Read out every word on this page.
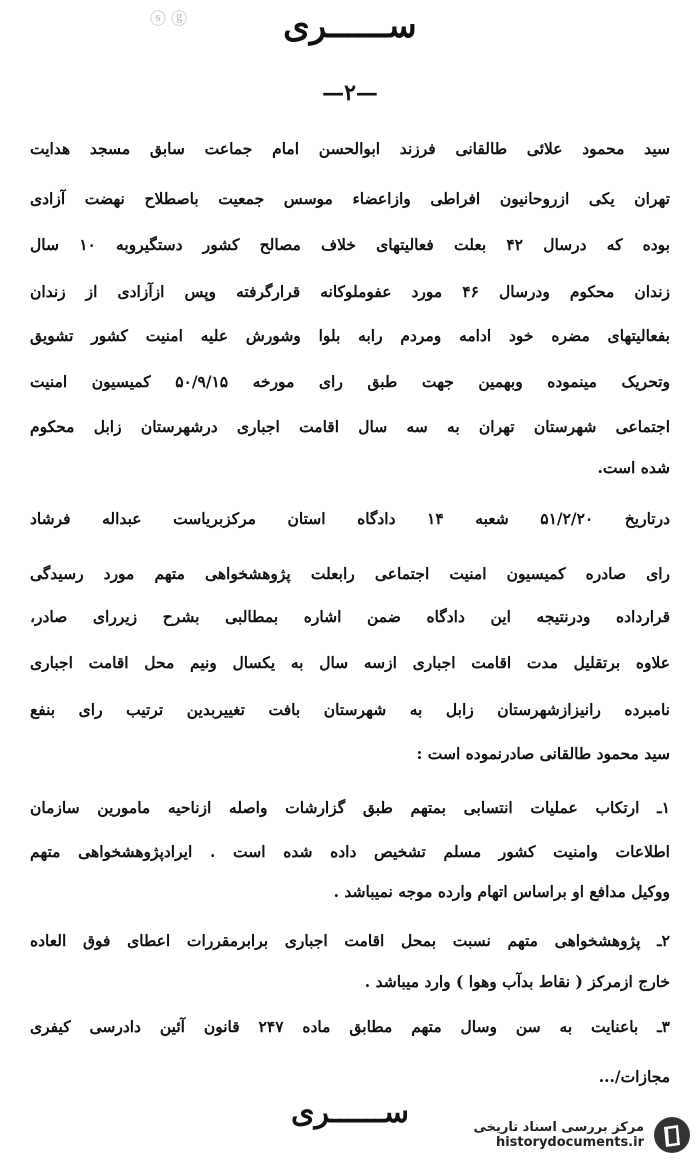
ⓢ ⓖ	ســــــری
—۲—
سید محمود علائی طالقانی فرزند ابوالحسن امام جماعت سابق مسجد هدایت
تهران یکی ازروحانیون افراطی وازاعضاء موسس جمعیت باصطلاح نهضت آزادی
بوده که درسال ۴۲ بعلت فعالیتهای خلاف مصالح کشور دستگیروبه ۱۰ سال
زندان محکوم ودرسال ۴۶ مورد عفوملوکانه قرارگرفته وپس ازآزادی از زندان
بفعالیتهای مضره خود ادامه ومردم رابه بلوا وشورش علیه امنیت کشور تشویق
وتحریک مینموده وبهمین جهت طبق رای مورخه ۵۰/۹/۱۵ کمیسیون امنیت
اجتماعی شهرستان تهران به سه سال اقامت اجباری درشهرستان زابل محکوم
شده است.
درتاریخ ۵۱/۲/۲۰ شعبه ۱۴ دادگاه استان مرکزبریاست عبداله فرشاد
رای صادره کمیسیون امنیت اجتماعی رابعلت پژوهشخواهی متهم مورد رسیدگی
قرارداده ودرنتیجه این دادگاه ضمن اشاره بمطالبی بشرح زیررای صادر،
علاوه برتقلیل مدت اقامت اجباری ازسه سال به یکسال ونیم محل اقامت اجباری
نامبرده رانیزازشهرستان زابل به شهرستان بافت تغییربدین ترتیب رای بنفع
سید محمود طالقانی صادرنموده است :
۱ـ ارتکاب عملیات انتسابی بمتهم طبق گزارشات واصله ازناحیه مامورین سازمان
اطلاعات وامنیت کشور مسلم تشخیص داده شده است . ایرادپژوهشخواهی متهم
ووکیل مدافع او براساس اتهام وارده موجه نمیباشد .
۲ـ پژوهشخواهی متهم نسبت بمحل اقامت اجباری برابرمقررات اعطای فوق العاده
خارج ازمرکز ( نقاط بدآب وهوا ) وارد میباشد .
۳ـ باعنایت به سن وسال متهم مطابق ماده ۲۴۷ قانون آئین دادرسی کیفری
مجازات/...
ســــــری	مرکز بررسی اسناد تاریخی
historydocuments.ir
